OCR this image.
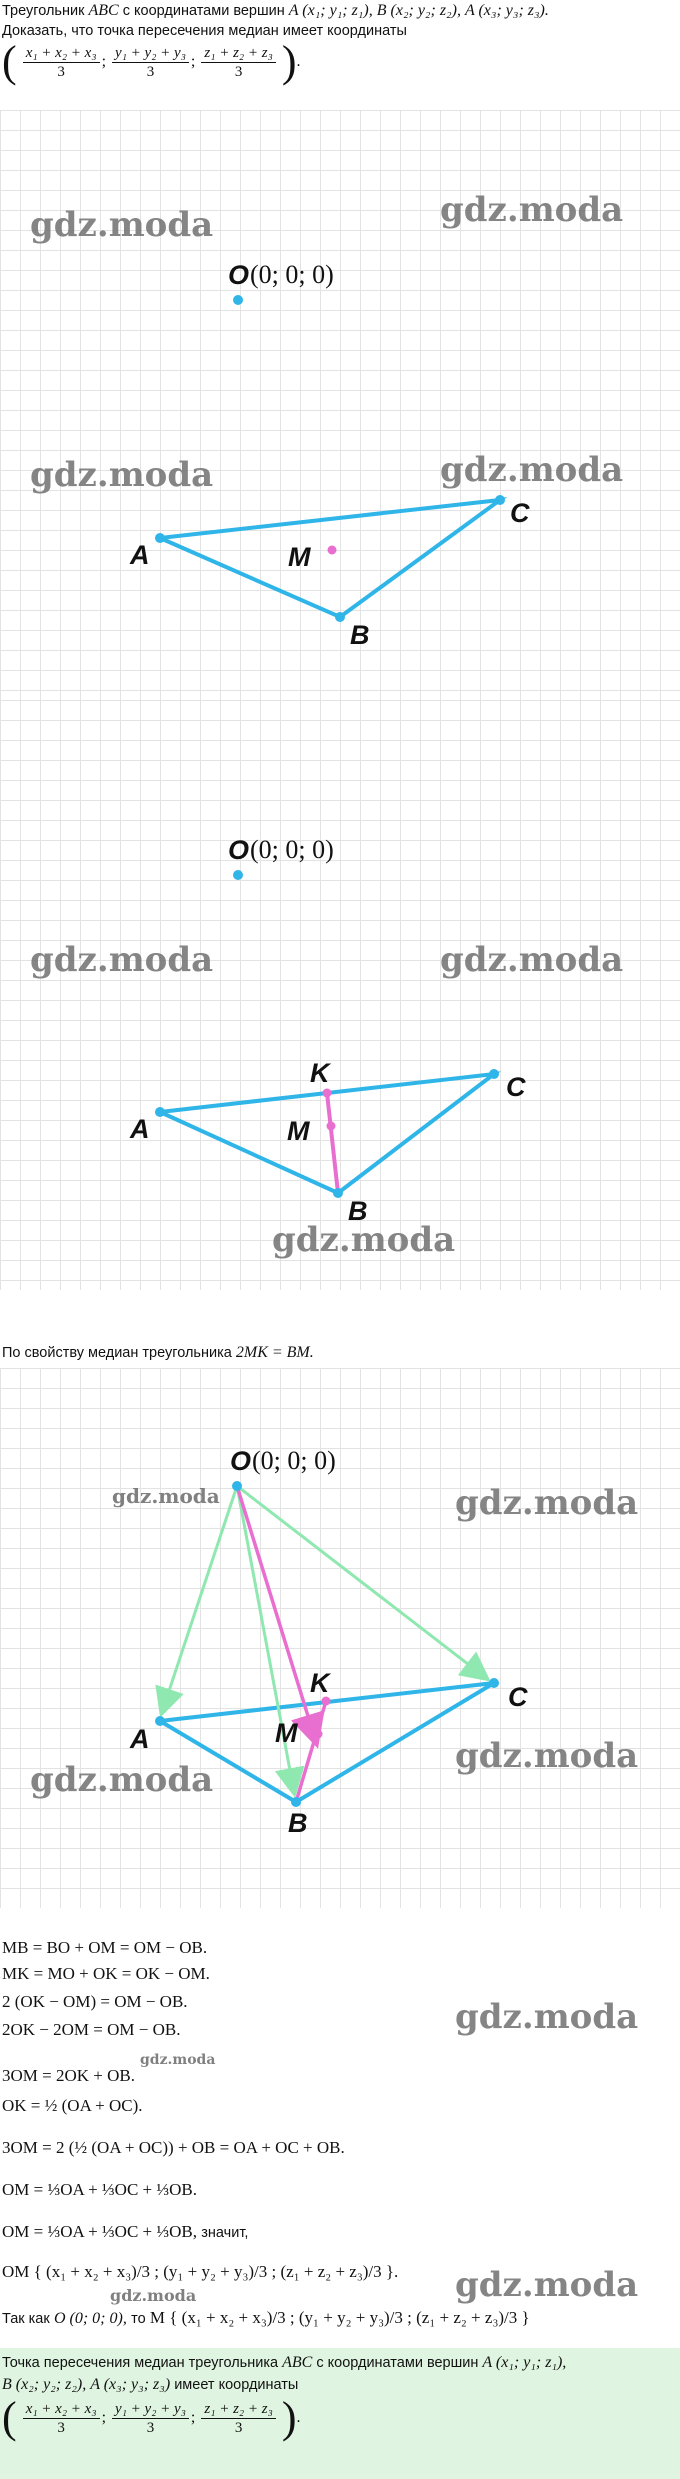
Треугольник ABC с координатами вершин A (x₁; y₁; z₁), B (x₂; y₂; z₂), A (x₃; y₃; z₃).
Доказать, что точка пересечения медиан имеет координаты
( $\frac{\text{x₁ + x₂ + x₃}}{3}$ ; $\frac{\text{y₁ + y₂ + y₃}}{3}$ ; $\frac{\text{z₁ + z₂ + z₃}}{3}$ ).
gdz.moda	gdz.moda
gdz.moda	gdz.moda
O (0; 0; 0)
A
C
B
M
gdz.moda	gdz.moda
gdz.moda
O (0; 0; 0)
A
C
B
K
M
По свойству медиан треугольника 2MK = BM.
gdz.moda	gdz.moda
gdz.moda
gdz.moda
O (0; 0; 0)
A
C
B
K
M
gdz.moda
gdz.moda
gdz.moda
gdz.moda
MB = BO + OM = OM − OB.
MK = MO + OK = OK − OM.
2 (OK − OM) = OM − OB.
2OK − 2OM = OM − OB.
3OM = 2OK + OB.
OK = ½ (OA + OC).
3OM = 2 (½ (OA + OC)) + OB = OA + OC + OB.
OM = ⅓OA + ⅓OC + ⅓OB.
OM = ⅓OA + ⅓OC + ⅓OB, значит,
OM { (x₁ + x₂ + x₃)/3 ; (y₁ + y₂ + y₃)/3 ; (z₁ + z₂ + z₃)/3 }.
Так как O (0; 0; 0), то M { (x₁ + x₂ + x₃)/3 ; (y₁ + y₂ + y₃)/3 ; (z₁ + z₂ + z₃)/3 }
Точка пересечения медиан треугольника ABC с координатами вершин A (x₁; y₁; z₁),
B (x₂; y₂; z₂), A (x₃; y₃; z₃) имеет координаты
( $\frac{\text{x₁ + x₂ + x₃}}{3}$ ; $\frac{\text{y₁ + y₂ + y₃}}{3}$ ; $\frac{\text{z₁ + z₂ + z₃}}{3}$ ).
